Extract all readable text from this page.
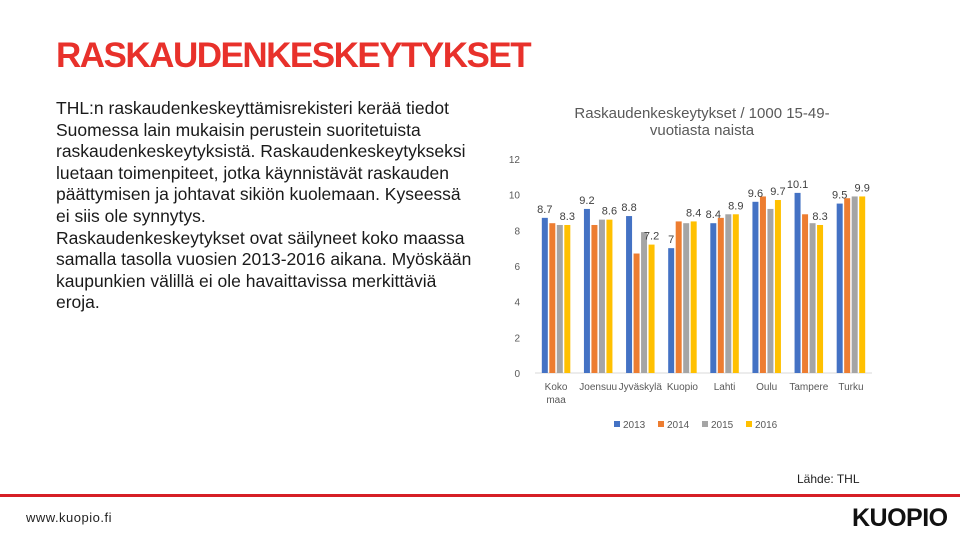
RASKAUDENKESKEYTYKSET

THL:n raskaudenkeskeyttämisrekisteri kerää tiedot Suomessa lain mukaisin perustein suoritetuista raskaudenkeskeytyksistä. Raskaudenkeskeytykseksi luetaan toimenpiteet, jotka käynnistävät raskauden päättymisen ja johtavat sikiön kuolemaan. Kyseessä ei siis ole synnytys.

Raskaudenkeskeytykset ovat säilyneet koko maassa samalla tasolla vuosien 2013-2016 aikana. Myöskään kaupunkien välillä ei ole havaittavissa merkittäviä eroja.

Raskaudenkeskeytykset / 1000 15-49-
vuotiasta naista
0
2
4
6
8
10
12
8.7
8.3
9.2
8.6 8.8
7.2 7
8.4
8.4
8.9
9.6 9.7
10.1
8.3
9.5
9.9
Koko
maa
Joensuu Jyväskylä Kuopio Lahti Oulu Tampere Turku
2013 2014 2015 2016
Lähde: THL
www.kuopio.fi	KUOPIO
